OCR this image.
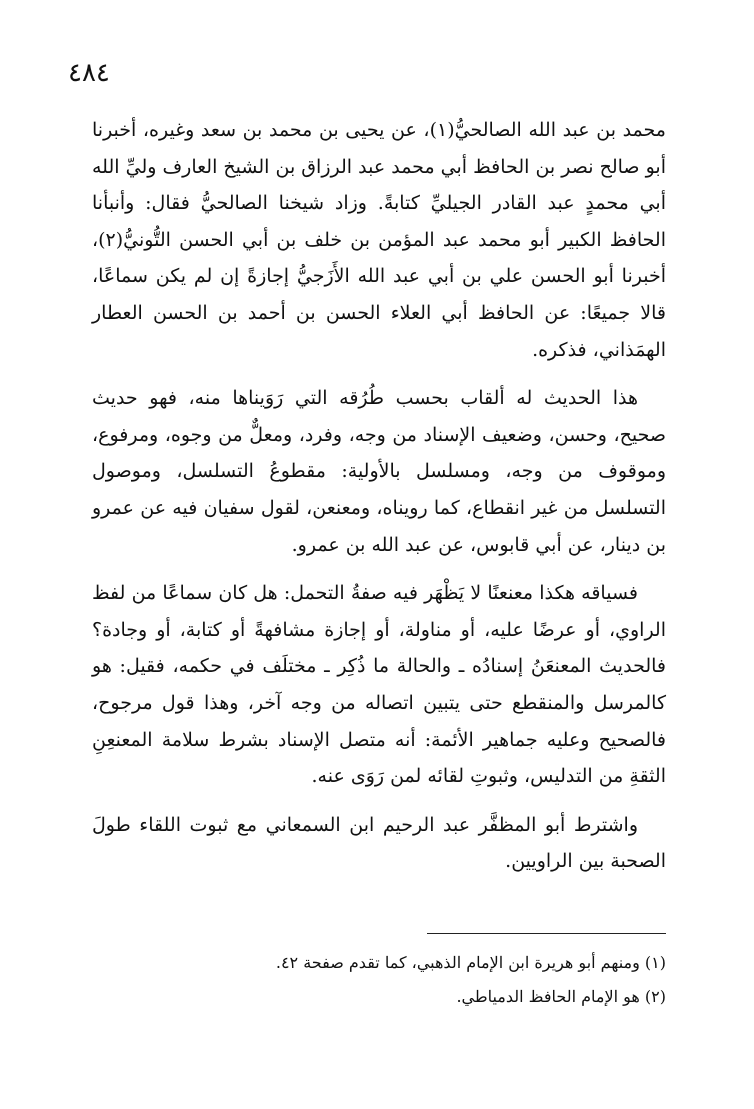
٤٨٤

محمد بن عبد الله الصالحيُّ(١)، عن يحيى بن محمد بن سعد وغيره، أخبرنا أبو صالح نصر بن الحافظ أبي محمد عبد الرزاق بن الشيخ العارف وليِّ الله أبي محمدٍ عبد القادر الجيليِّ كتابةً. وزاد شيخنا الصالحيُّ فقال: وأنبأنا الحافظ الكبير أبو محمد عبد المؤمن بن خلف بن أبي الحسن التُّونيُّ(٢)، أخبرنا أبو الحسن علي بن أبي عبد الله الأَزَجيُّ إجازةً إن لم يكن سماعًا، قالا جميعًا: عن الحافظ أبي العلاء الحسن بن أحمد بن الحسن العطار الهمَذاني، فذكره.

هذا الحديث له ألقاب بحسب طُرُقه التي رَوَيناها منه، فهو حديث صحيح، وحسن، وضعيف الإسناد من وجه، وفرد، ومعلٌّ من وجوه، ومرفوع، وموقوف من وجه، ومسلسل بالأولية: مقطوعُ التسلسل، وموصول التسلسل من غير انقطاع، كما رويناه، ومعنعن، لقول سفيان فيه عن عمرو بن دينار، عن أبي قابوس، عن عبد الله بن عمرو.

فسياقه هكذا معنعنًا لا يَظْهَر فيه صفةُ التحمل: هل كان سماعًا من لفظ الراوي، أو عرضًا عليه، أو مناولة، أو إجازة مشافهةً أو كتابة، أو وجادة؟ فالحديث المعنعَنُ إسنادُه ـ والحالة ما ذُكِر ـ مختلَف في حكمه، فقيل: هو كالمرسل والمنقطع حتى يتبين اتصاله من وجه آخر، وهذا قول مرجوح، فالصحيح وعليه جماهير الأئمة: أنه متصل الإسناد بشرط سلامة المعنعِنِ الثقةِ من التدليس، وثبوتِ لقائه لمن رَوَى عنه.

واشترط أبو المظفَّر عبد الرحيم ابن السمعاني مع ثبوت اللقاء طولَ الصحبة بين الراويين.

(١) ومنهم أبو هريرة ابن الإمام الذهبي، كما تقدم صفحة ٤٢.

(٢) هو الإمام الحافظ الدمياطي.
